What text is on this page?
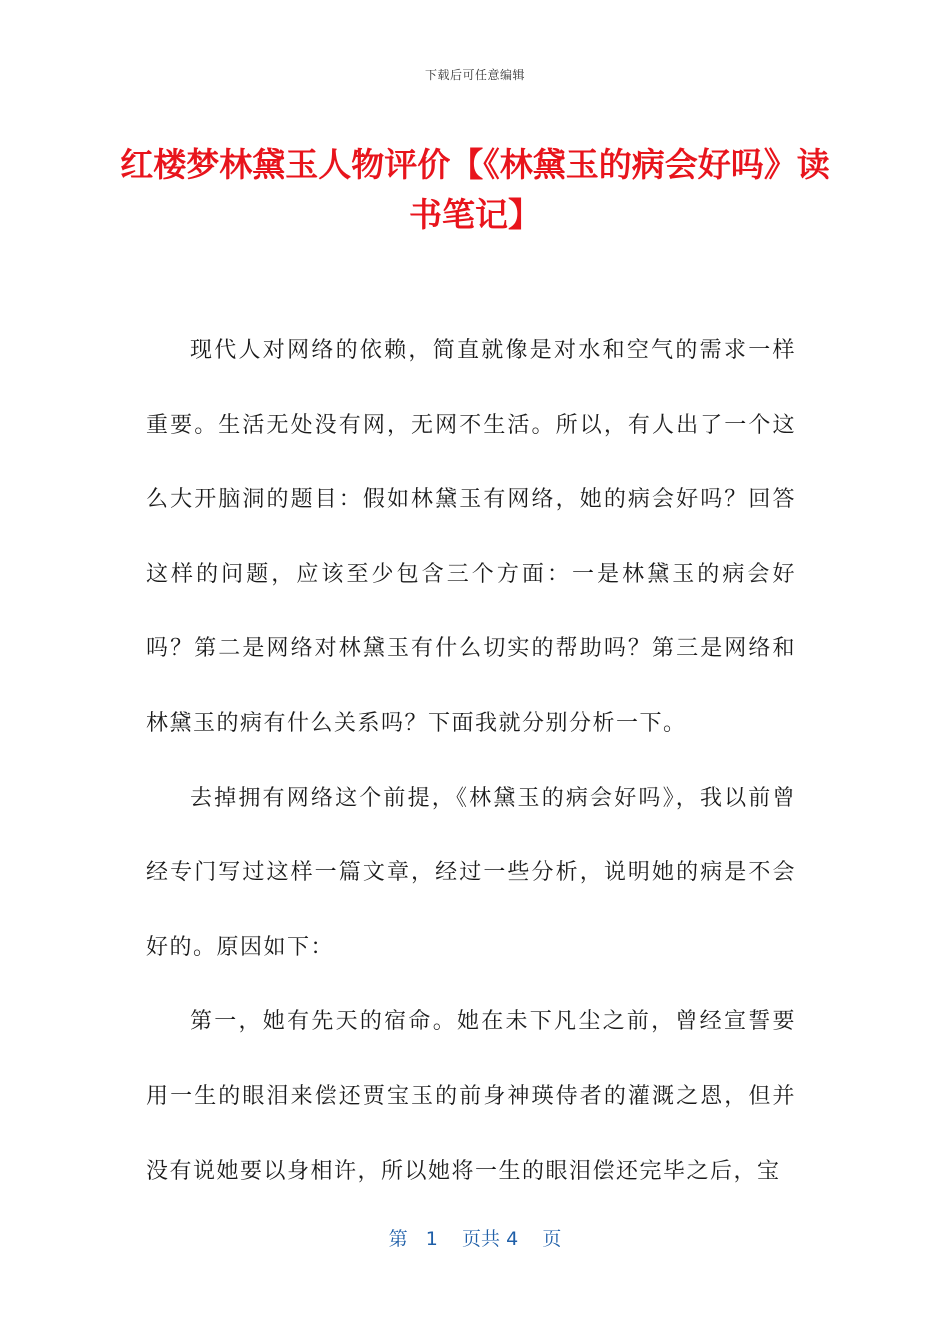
下载后可任意编辑
红楼梦林黛玉人物评价【《林黛玉的病会好吗》读书笔记】

现代人对网络的依赖，简直就像是对水和空气的需求一样重要。生活无处没有网，无网不生活。所以，有人出了一个这么大开脑洞的题目：假如林黛玉有网络，她的病会好吗？回答这样的问题，应该至少包含三个方面：一是林黛玉的病会好吗？第二是网络对林黛玉有什么切实的帮助吗？第三是网络和林黛玉的病有什么关系吗？下面我就分别分析一下。

去掉拥有网络这个前提，《林黛玉的病会好吗》，我以前曾经专门写过这样一篇文章，经过一些分析，说明她的病是不会好的。原因如下：

第一，她有先天的宿命。她在未下凡尘之前，曾经宣誓要用一生的眼泪来偿还贾宝玉的前身神瑛侍者的灌溉之恩，但并没有说她要以身相许，所以她将一生的眼泪偿还完毕之后，宝

第 1 页共 4 页
